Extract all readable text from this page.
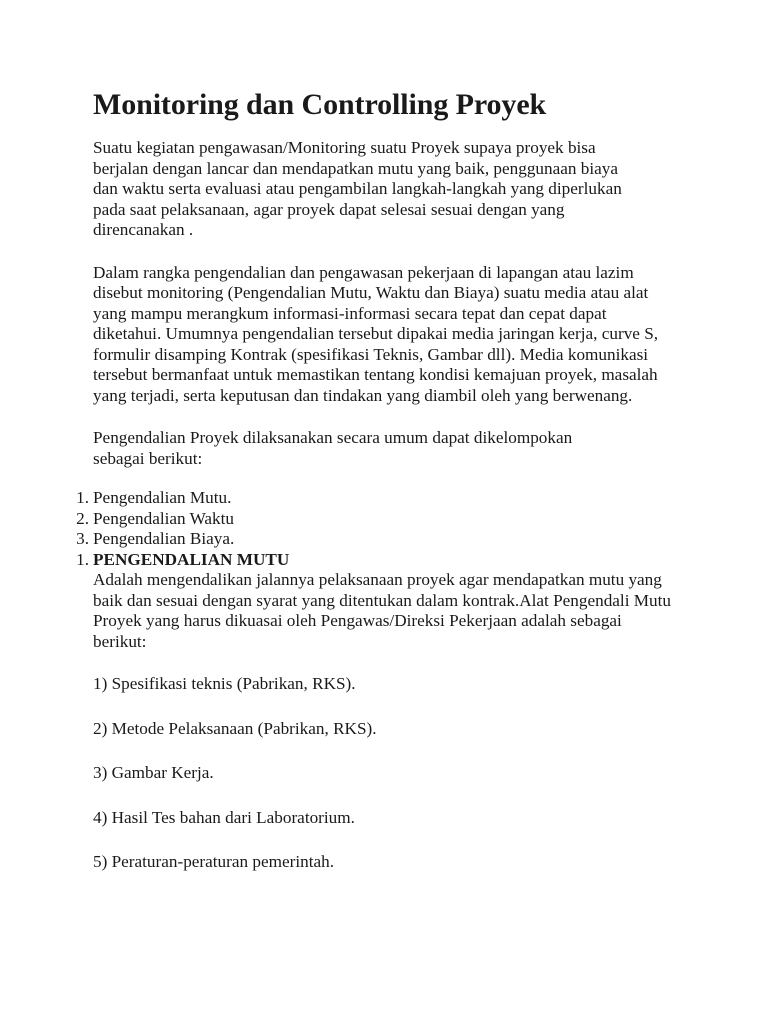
Monitoring dan Controlling Proyek

Suatu kegiatan pengawasan/Monitoring suatu Proyek supaya proyek bisa berjalan dengan lancar dan mendapatkan mutu yang baik, penggunaan biaya dan waktu serta evaluasi atau pengambilan langkah-langkah yang diperlukan pada saat pelaksanaan, agar proyek dapat selesai sesuai dengan yang direncanakan .

Dalam rangka pengendalian dan pengawasan pekerjaan di lapangan atau lazim disebut monitoring (Pengendalian Mutu, Waktu dan Biaya) suatu media atau alat yang mampu merangkum informasi-informasi secara tepat dan cepat dapat diketahui. Umumnya pengendalian tersebut dipakai media jaringan kerja, curve S, formulir disamping Kontrak (spesifikasi Teknis, Gambar dll). Media komunikasi tersebut bermanfaat untuk memastikan tentang kondisi kemajuan proyek, masalah yang terjadi, serta keputusan dan tindakan yang diambil oleh yang berwenang.

Pengendalian Proyek dilaksanakan secara umum dapat dikelompokan sebagai berikut:

1. Pengendalian Mutu.
2. Pengendalian Waktu
3. Pengendalian Biaya.
1. PENGENDALIAN MUTU
Adalah mengendalikan jalannya pelaksanaan proyek agar mendapatkan mutu yang baik dan sesuai dengan syarat yang ditentukan dalam kontrak.Alat Pengendali Mutu Proyek yang harus dikuasai oleh Pengawas/Direksi Pekerjaan adalah sebagai berikut:
1) Spesifikasi teknis (Pabrikan, RKS).
2) Metode Pelaksanaan (Pabrikan, RKS).
3) Gambar Kerja.
4) Hasil Tes bahan dari Laboratorium.
5) Peraturan-peraturan pemerintah.
